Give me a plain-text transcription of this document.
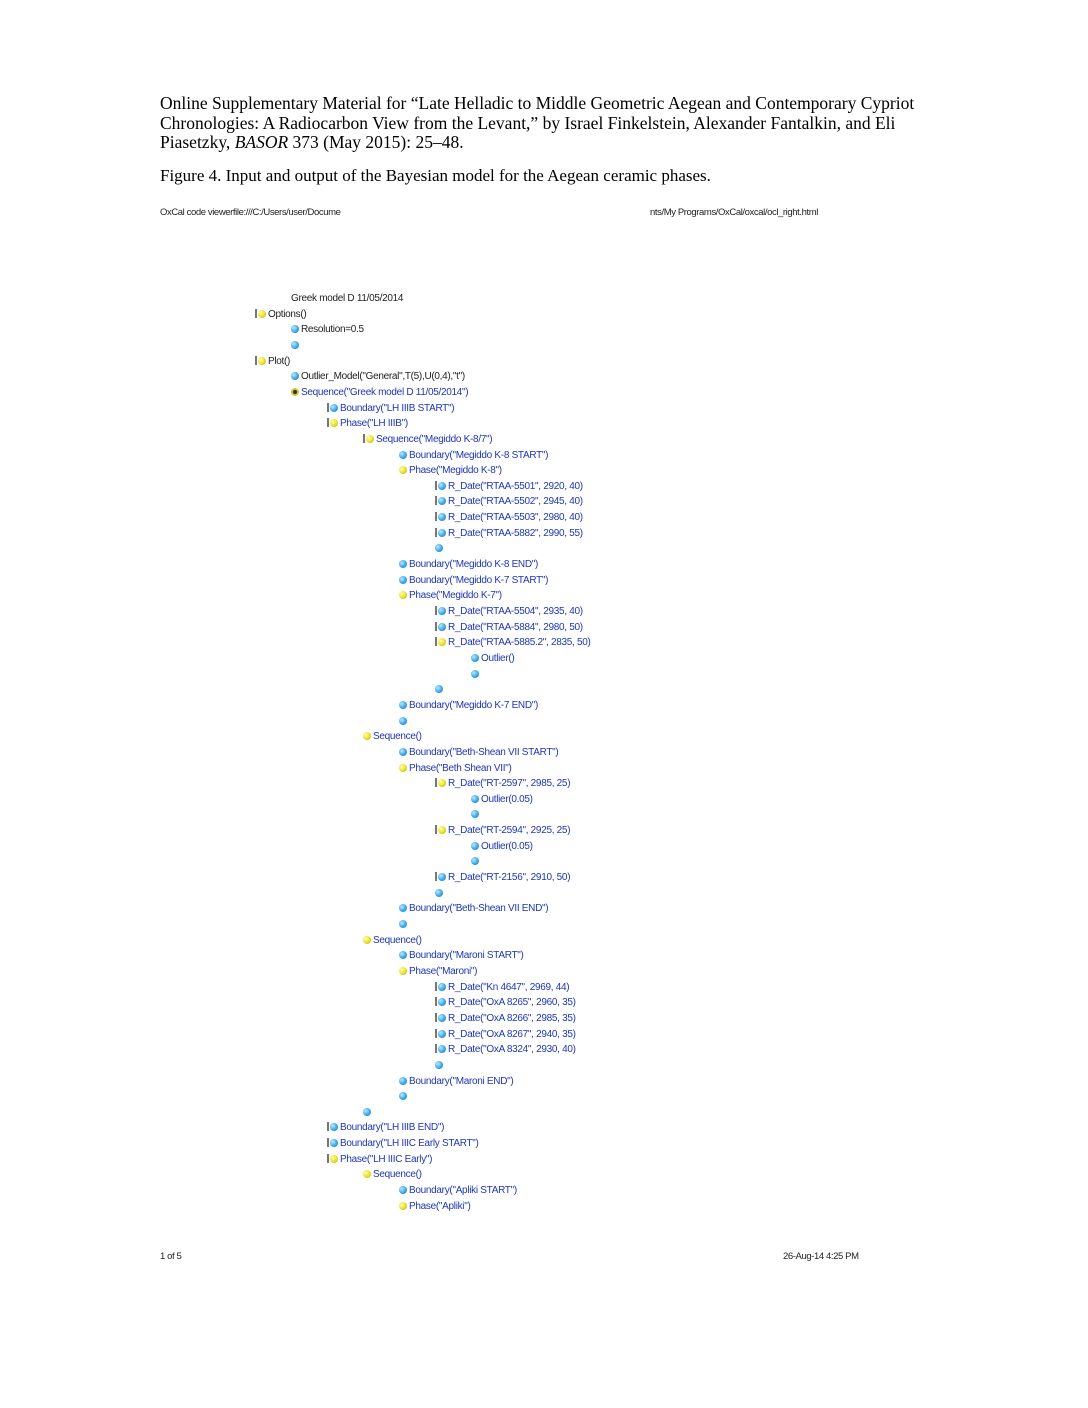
Online Supplementary Material for “Late Helladic to Middle Geometric Aegean and Contemporary Cypriot
Chronologies: A Radiocarbon View from the Levant,” by Israel Finkelstein, Alexander Fantalkin, and Eli
Piasetzky, BASOR 373 (May 2015): 25–48.
Figure 4. Input and output of the Bayesian model for the Aegean ceramic phases.
OxCal code viewerfile:///C:/Users/user/Docume	nts/My Programs/OxCal/oxcal/ocl_right.html
Greek model D 11/05/2014
Options()
Resolution=0.5
Plot()
Outlier_Model("General",T(5),U(0,4),"t")
Sequence("Greek model D 11/05/2014")
Boundary("LH IIIB START")
Phase("LH IIIB")
Sequence("Megiddo K-8/7")
Boundary("Megiddo K-8 START")
Phase("Megiddo K-8")
R_Date("RTAA-5501", 2920, 40)
R_Date("RTAA-5502", 2945, 40)
R_Date("RTAA-5503", 2980, 40)
R_Date("RTAA-5882", 2990, 55)
Boundary("Megiddo K-8 END")
Boundary("Megiddo K-7 START")
Phase("Megiddo K-7")
R_Date("RTAA-5504", 2935, 40)
R_Date("RTAA-5884", 2980, 50)
R_Date("RTAA-5885.2", 2835, 50)
Outlier()
Boundary("Megiddo K-7 END")
Sequence()
Boundary("Beth-Shean VII START")
Phase("Beth Shean VII")
R_Date("RT-2597", 2985, 25)
Outlier(0.05)
R_Date("RT-2594", 2925, 25)
Outlier(0.05)
R_Date("RT-2156", 2910, 50)
Boundary("Beth-Shean VII END")
Sequence()
Boundary("Maroni START")
Phase("Maroni")
R_Date("Kn 4647", 2969, 44)
R_Date("OxA 8265", 2960, 35)
R_Date("OxA 8266", 2985, 35)
R_Date("OxA 8267", 2940, 35)
R_Date("OxA 8324", 2930, 40)
Boundary("Maroni END")
Boundary("LH IIIB END")
Boundary("LH IIIC Early START")
Phase("LH IIIC Early")
Sequence()
Boundary("Apliki START")
Phase("Apliki")
1 of 5	26-Aug-14 4:25 PM
